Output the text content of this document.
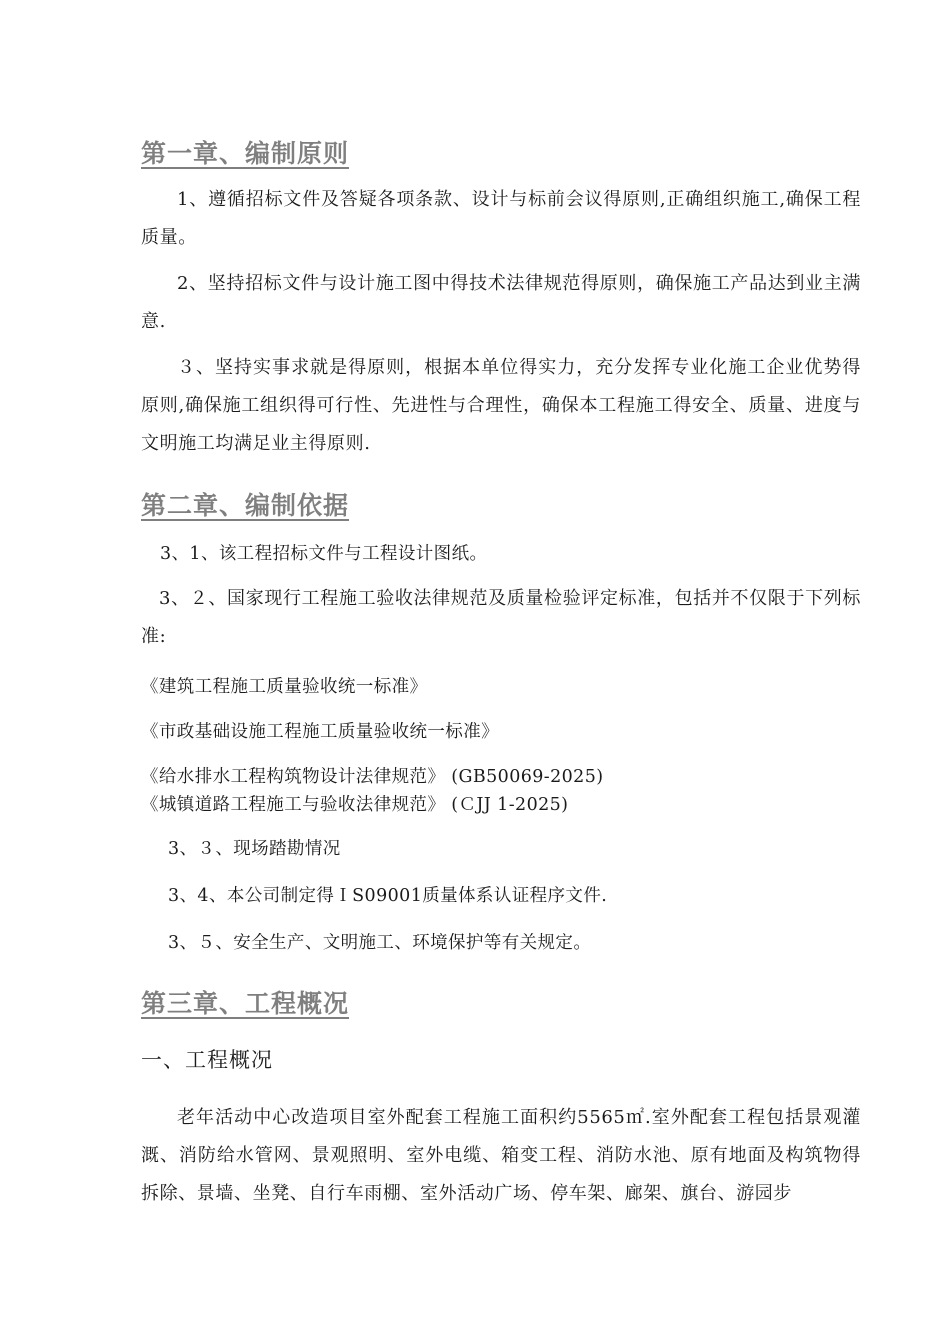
第一章、编制原则
1、遵循招标文件及答疑各项条款、设计与标前会议得原则,正确组织施工,确保工程质量。
2、坚持招标文件与设计施工图中得技术法律规范得原则，确保施工产品达到业主满意.
３、坚持实事求就是得原则，根据本单位得实力，充分发挥专业化施工企业优势得原则,确保施工组织得可行性、先进性与合理性，确保本工程施工得安全、质量、进度与文明施工均满足业主得原则.
第二章、编制依据
3、1、该工程招标文件与工程设计图纸。
3、２、国家现行工程施工验收法律规范及质量检验评定标准，包括并不仅限于下列标准:
《建筑工程施工质量验收统一标准》
《市政基础设施工程施工质量验收统一标准》
《给水排水工程构筑物设计法律规范》 (GB50069-2025)
《城镇道路工程施工与验收法律规范》 (ＣJJ 1-2025)
3、３、现场踏勘情况
3、4、本公司制定得ＩS09001质量体系认证程序文件.
3、５、安全生产、文明施工、环境保护等有关规定。
第三章、工程概况
一、工程概况
老年活动中心改造项目室外配套工程施工面积约5565㎡.室外配套工程包括景观灌溉、消防给水管网、景观照明、室外电缆、箱变工程、消防水池、原有地面及构筑物得拆除、景墙、坐凳、自行车雨棚、室外活动广场、停车架、廊架、旗台、游园步
